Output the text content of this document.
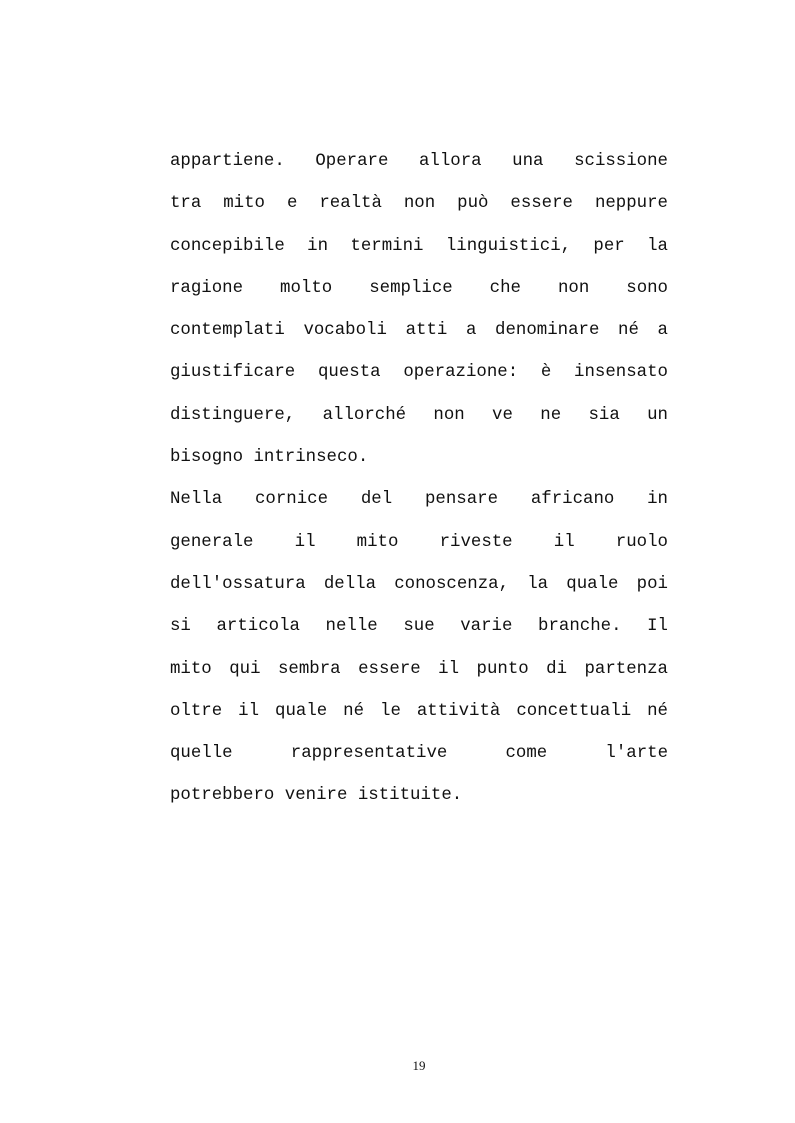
appartiene. Operare allora una scissione
tra mito e realtà non può essere neppure
concepibile in termini linguistici, per la
ragione molto semplice che non sono
contemplati vocaboli atti a denominare né a
giustificare questa operazione: è insensato
distinguere, allorché non ve ne sia un
bisogno intrinseco.
Nella cornice del pensare africano in
generale il mito riveste il ruolo
dell'ossatura della conoscenza, la quale poi
si articola nelle sue varie branche. Il
mito qui sembra essere il punto di partenza
oltre il quale né le attività concettuali né
quelle rappresentative come l'arte
potrebbero venire istituite.
19
